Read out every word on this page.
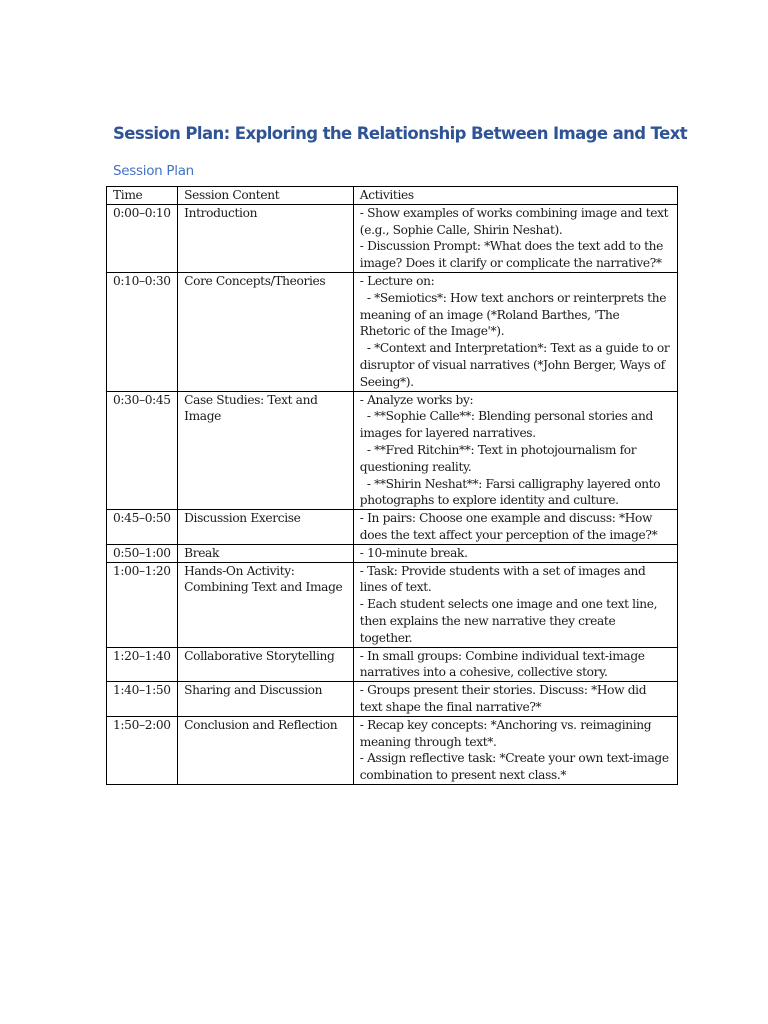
Session Plan: Exploring the Relationship Between Image and Text
Session Plan
Time	Session Content	Activities
0:00–0:10	Introduction	- Show examples of works combining image and text (e.g., Sophie Calle, Shirin Neshat).
- Discussion Prompt: *What does the text add to the image? Does it clarify or complicate the narrative?*

0:10–0:30	Core Concepts/Theories	- Lecture on:
- *Semiotics*: How text anchors or reinterprets the meaning of an image (*Roland Barthes, 'The Rhetoric of the Image'*).
- *Context and Interpretation*: Text as a guide to or disruptor of visual narratives (*John Berger, Ways of Seeing*).

0:30–0:45	Case Studies: Text and Image	- Analyze works by:
- **Sophie Calle**: Blending personal stories and images for layered narratives.
- **Fred Ritchin**: Text in photojournalism for questioning reality.
- **Shirin Neshat**: Farsi calligraphy layered onto photographs to explore identity and culture.

0:45–0:50	Discussion Exercise	- In pairs: Choose one example and discuss: *How does the text affect your perception of the image?*

0:50–1:00	Break	- 10-minute break.

1:00–1:20	Hands-On Activity: Combining Text and Image	- Task: Provide students with a set of images and lines of text.
- Each student selects one image and one text line, then explains the new narrative they create together.

1:20–1:40	Collaborative Storytelling	- In small groups: Combine individual text-image narratives into a cohesive, collective story.

1:40–1:50	Sharing and Discussion	- Groups present their stories. Discuss: *How did text shape the final narrative?*

1:50–2:00	Conclusion and Reflection	- Recap key concepts: *Anchoring vs. reimagining meaning through text*.
- Assign reflective task: *Create your own text-image combination to present next class.*
